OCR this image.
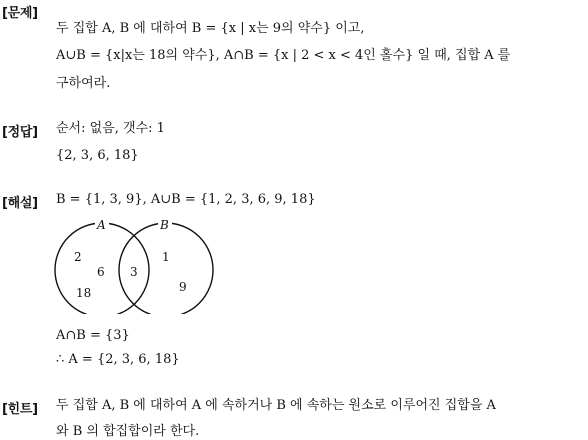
[문제]
두 집합 A, B 에 대하여 B = {x | x는 9의 약수} 이고,
A∪B = {x|x는 18의 약수}, A∩B = {x | 2 < x < 4인 홀수} 일 때, 집합 A 를
구하여라.
[정답] 순서: 없음, 갯수: 1
{2, 3, 6, 18}
[해설] B = {1, 3, 9}, A∪B = {1, 2, 3, 6, 9, 18}
A	B
2
6
18
3
1
9
A∩B = {3}
∴ A = {2, 3, 6, 18}
[힌트] 두 집합 A, B 에 대하여 A 에 속하거나 B 에 속하는 원소로 이루어진 집합을 A
와 B 의 합집합이라 한다.
